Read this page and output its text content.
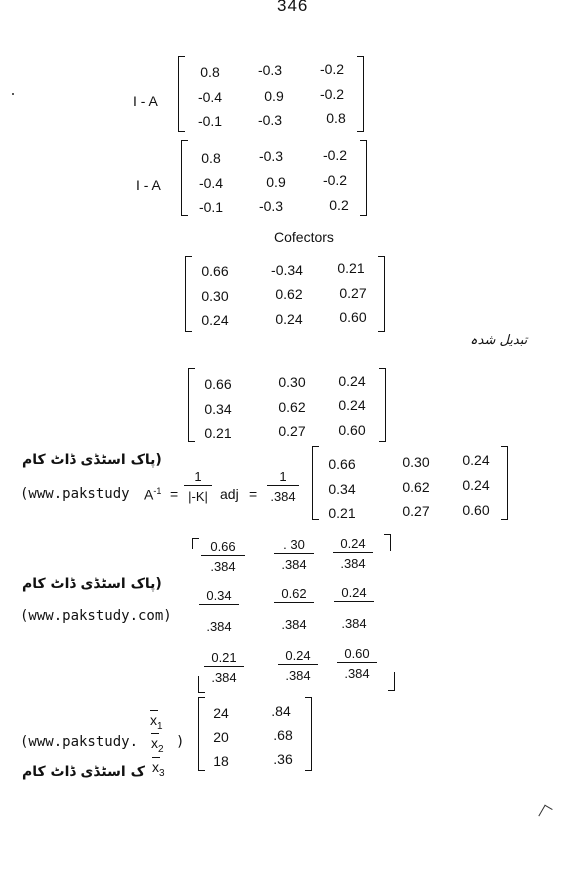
346
I - A
0.8	-0.3	-0.2
-0.4	0.9	-0.2
-0.1	-0.3	0.8
I - A
0.8	-0.3	-0.2
-0.4	0.9	-0.2
-0.1	-0.3	0.2
Cofectors
0.66	-0.34	0.21
0.30	0.62	0.27
0.24	0.24	0.60
تبدیل شدہ
0.66	0.30	0.24
0.34	0.62	0.24
0.21	0.27	0.60
(پاک اسٹڈی ڈاٹ کام
(www.pakstudy $A^{-1} = \frac{1}{|-K|}$ adj = $\frac{1}{.384}$
0.66	0.30	0.24
0.34	0.62	0.24
0.21	0.27	0.60
$\frac{0.66}{.384} \frac{. 30}{.384} \frac{0.24}{.384}$
$\frac{0.34}{.384}$	$\frac{0.62}{.384} \frac{0.24}{.384}$
$\frac{0.21}{.384}$	$\frac{0.24}{.384} \frac{0.60}{.384}$
(پاک اسٹڈی ڈاٹ کام
(www.pakstudy.com)
$x_1$
$x_2$
$x_3$
(www.pakstudy.	)
ک اسٹڈی ڈاٹ کام
24	.84
20	.68
18	.36
